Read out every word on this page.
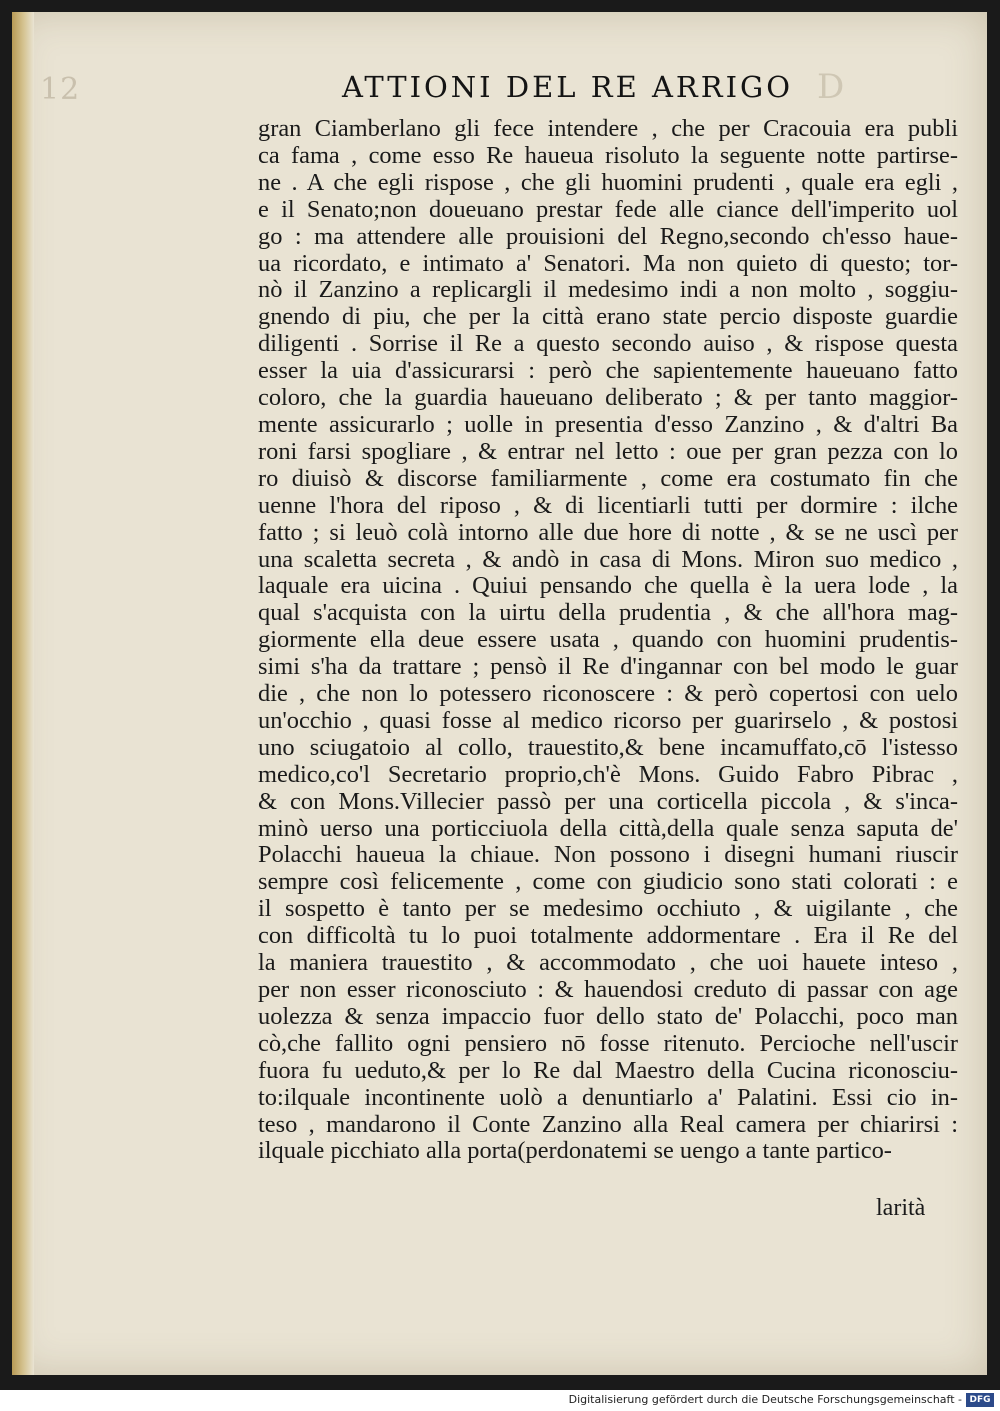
12	ATTIONI DEL RE ARRIGO D
gran Ciamberlano gli fece intendere , che per Cracouia era publi
ca fama , come esso Re haueua risoluto la seguente notte partirse-
ne . A che egli rispose , che gli huomini prudenti , quale era egli ,
e il Senato;non doueuano prestar fede alle ciance dell'imperito uol
go : ma attendere alle prouisioni del Regno,secondo ch'esso haue-
ua ricordato, e intimato a' Senatori. Ma non quieto di questo; tor-
nò il Zanzino a replicargli il medesimo indi a non molto , soggiu-
gnendo di piu, che per la città erano state percio disposte guardie
diligenti . Sorrise il Re a questo secondo auiso , & rispose questa
esser la uia d'assicurarsi : però che sapientemente haueuano fatto
coloro, che la guardia haueuano deliberato ; & per tanto maggior-
mente assicurarlo ; uolle in presentia d'esso Zanzino , & d'altri Ba
roni farsi spogliare , & entrar nel letto : oue per gran pezza con lo
ro diuisò & discorse familiarmente , come era costumato fin che
uenne l'hora del riposo , & di licentiarli tutti per dormire : ilche
fatto ; si leuò colà intorno alle due hore di notte , & se ne uscì per
una scaletta secreta , & andò in casa di Mons. Miron suo medico ,
laquale era uicina . Quiui pensando che quella è la uera lode , la
qual s'acquista con la uirtu della prudentia , & che all'hora mag-
giormente ella deue essere usata , quando con huomini prudentis-
simi s'ha da trattare ; pensò il Re d'ingannar con bel modo le guar
die , che non lo potessero riconoscere : & però copertosi con uelo
un'occhio , quasi fosse al medico ricorso per guarirselo , & postosi
uno sciugatoio al collo, trauestito,& bene incamuffato,cō l'istesso
medico,co'l Secretario proprio,ch'è Mons. Guido Fabro Pibrac ,
& con Mons.Villecier passò per una corticella piccola , & s'inca-
minò uerso una porticciuola della città,della quale senza saputa de'
Polacchi haueua la chiaue. Non possono i disegni humani riuscir
sempre così felicemente , come con giudicio sono stati colorati : e
il sospetto è tanto per se medesimo occhiuto , & uigilante , che
con difficoltà tu lo puoi totalmente addormentare . Era il Re del
la maniera trauestito , & accommodato , che uoi hauete inteso ,
per non esser riconosciuto : & hauendosi creduto di passar con age
uolezza & senza impaccio fuor dello stato de' Polacchi, poco man
cò,che fallito ogni pensiero nō fosse ritenuto. Percioche nell'uscir
fuora fu ueduto,& per lo Re dal Maestro della Cucina riconosciu-
to:ilquale incontinente uolò a denuntiarlo a' Palatini. Essi cio in-
teso , mandarono il Conte Zanzino alla Real camera per chiarirsi :
ilquale picchiato alla porta(perdonatemi se uengo a tante partico-
larità
Digitalisierung gefördert durch die Deutsche Forschungsgemeinschaft - DFG
